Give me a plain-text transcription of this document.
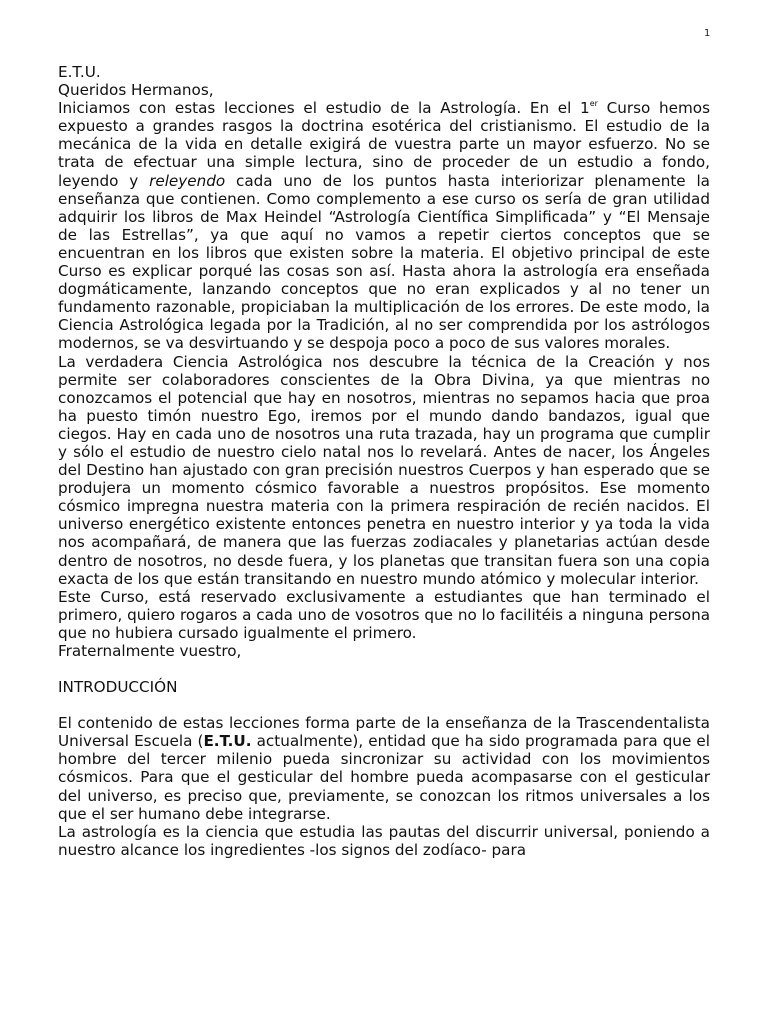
1

E.T.U.

Queridos Hermanos,

Iniciamos con estas lecciones el estudio de la Astrología. En el 1er Curso hemos expuesto a grandes rasgos la doctrina esotérica del cristianismo. El estudio de la mecánica de la vida en detalle exigirá de vuestra parte un mayor esfuerzo. No se trata de efectuar una simple lectura, sino de proceder de un estudio a fondo, leyendo y releyendo cada uno de los puntos hasta interiorizar plenamente la enseñanza que contienen. Como complemento a ese curso os sería de gran utilidad adquirir los libros de Max Heindel “Astrología Científica Simplificada” y “El Mensaje de las Estrellas”, ya que aquí no vamos a repetir ciertos conceptos que se encuentran en los libros que existen sobre la materia. El objetivo principal de este Curso es explicar porqué las cosas son así. Hasta ahora la astrología era enseñada dogmáticamente, lanzando conceptos que no eran explicados y al no tener un fundamento razonable, propiciaban la multiplicación de los errores. De este modo, la Ciencia Astrológica legada por la Tradición, al no ser comprendida por los astrólogos modernos, se va desvirtuando y se despoja poco a poco de sus valores morales.

La verdadera Ciencia Astrológica nos descubre la técnica de la Creación y nos permite ser colaboradores conscientes de la Obra Divina, ya que mientras no conozcamos el potencial que hay en nosotros, mientras no sepamos hacia que proa ha puesto timón nuestro Ego, iremos por el mundo dando bandazos, igual que ciegos. Hay en cada uno de nosotros una ruta trazada, hay un programa que cumplir y sólo el estudio de nuestro cielo natal nos lo revelará. Antes de nacer, los Ángeles del Destino han ajustado con gran precisión nuestros Cuerpos y han esperado que se produjera un momento cósmico favorable a nuestros propósitos. Ese momento cósmico impregna nuestra materia con la primera respiración de recién nacidos. El universo energético existente entonces penetra en nuestro interior y ya toda la vida nos acompañará, de manera que las fuerzas zodiacales y planetarias actúan desde dentro de nosotros, no desde fuera, y los planetas que transitan fuera son una copia exacta de los que están transitando en nuestro mundo atómico y molecular interior.

Este Curso, está reservado exclusivamente a estudiantes que han terminado el primero, quiero rogaros a cada uno de vosotros que no lo facilitéis a ninguna persona que no hubiera cursado igualmente el primero.

Fraternalmente vuestro,

INTRODUCCIÓN

El contenido de estas lecciones forma parte de la enseñanza de la Trascendentalista Universal Escuela (E.T.U. actualmente), entidad que ha sido programada para que el hombre del tercer milenio pueda sincronizar su actividad con los movimientos cósmicos. Para que el gesticular del hombre pueda acompasarse con el gesticular del universo, es preciso que, previamente, se conozcan los ritmos universales a los que el ser humano debe integrarse.

La astrología es la ciencia que estudia las pautas del discurrir universal, poniendo a nuestro alcance los ingredientes -los signos del zodíaco- para
